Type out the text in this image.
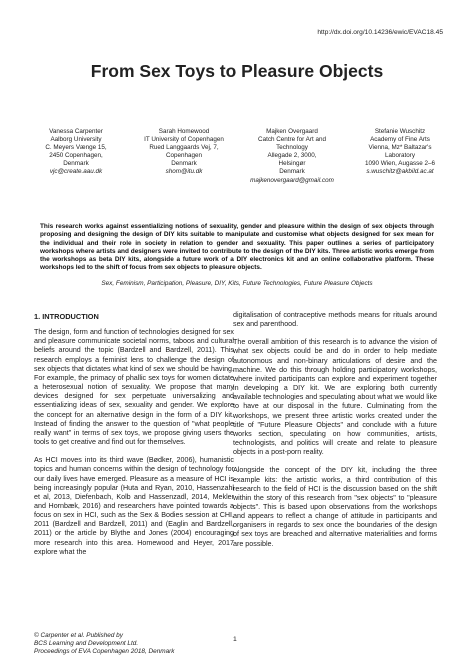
http://dx.doi.org/10.14236/ewic/EVAC18.45
From Sex Toys to Pleasure Objects
Vanessa Carpenter
Aalborg University
C. Meyers Vænge 15,
2450 Copenhagen,
Denmark
vjc@create.aau.dk
Sarah Homewood
IT University of Copenhagen
Rued Langgaards Vej, 7,
Copenhagen
Denmark
shom@itu.dk
Majken Overgaard
Catch Centre for Art and
Technology
Allegade 2, 3000,
Helsingør
Denmark
majkenovergaard@gmail.com
Stefanie Wuschitz
Academy of Fine Arts
Vienna, Mz* Baltazar's
Laboratory
1090 Wien, Augasse 2–6
s.wuschitz@akbild.ac.at

This research works against essentializing notions of sexuality, gender and pleasure within the design of sex objects through proposing and designing the design of DIY kits suitable to manipulate and customise what objects designed for sex mean for the individual and their role in society in relation to gender and sexuality. This paper outlines a series of participatory workshops where artists and designers were invited to contribute to the design of the DIY kits. Three artistic works emerge from the workshops as beta DIY kits, alongside a future work of a DIY electronics kit and an online collaborative platform. These workshops led to the shift of focus from sex objects to pleasure objects.

Sex, Feminism, Participation, Pleasure, DIY, Kits, Future Technologies, Future Pleasure Objects

1. INTRODUCTION

The design, form and function of technologies designed for sex and pleasure communicate societal norms, taboos and cultural beliefs around the topic (Bardzell and Bardzell, 2011). This research employs a feminist lens to challenge the design of sex objects that dictates what kind of sex we should be having. For example, the primacy of phallic sex toys for women dictate a heterosexual notion of sexuality. We propose that many devices designed for sex perpetuate universalizing and essentializing ideas of sex, sexuality and gender. We explore the concept for an alternative design in the form of a DIY kit. Instead of finding the answer to the question of "what people really want" in terms of sex toys, we propose giving users the tools to get creative and find out for themselves.

As HCI moves into its third wave (Bødker, 2006), humanistic topics and human concerns within the design of technology for our daily lives have emerged. Pleasure as a measure of HCI is being increasingly popular (Huta and Ryan, 2010, Hassenzahl et al, 2013, Diefenbach, Kolb and Hassenzadl, 2014, Mekler and Hornbæk, 2016) and researchers have pointed towards a focus on sex in HCI, such as the Sex & Bodies session at CHI, 2011 (Bardzell and Bardzell, 2011) and (Eaglin and Bardzell, 2011) or the article by Blythe and Jones (2004) encouraging more research into this area. Homewood and Heyer, 2017 explore what the

digitalisation of contraceptive methods means for rituals around sex and parenthood.

The overall ambition of this research is to advance the vision of what sex objects could be and do in order to help mediate autonomous and non-binary articulations of desire and the machine. We do this through holding participatory workshops, where invited participants can explore and experiment together in developing a DIY kit. We are exploring both currently available technologies and speculating about what we would like to have at our disposal in the future. Culminating from the workshops, we present three artistic works created under the title of "Future Pleasure Objects" and conclude with a future works section, speculating on how communities, artists, technologists, and politics will create and relate to pleasure objects in a post-porn reality.

Alongside the concept of the DIY kit, including the three example kits: the artistic works, a third contribution of this research to the field of HCI is the discussion based on the shift within the story of this research from "sex objects" to "pleasure objects". This is based upon observations from the workshops and appears to reflect a change of attitude in participants and organisers in regards to sex once the boundaries of the design of sex toys are breached and alternative materialities and forms are possible.

© Carpenter et al. Published by
BCS Learning and Development Ltd.
Proceedings of EVA Copenhagen 2018, Denmark
1
